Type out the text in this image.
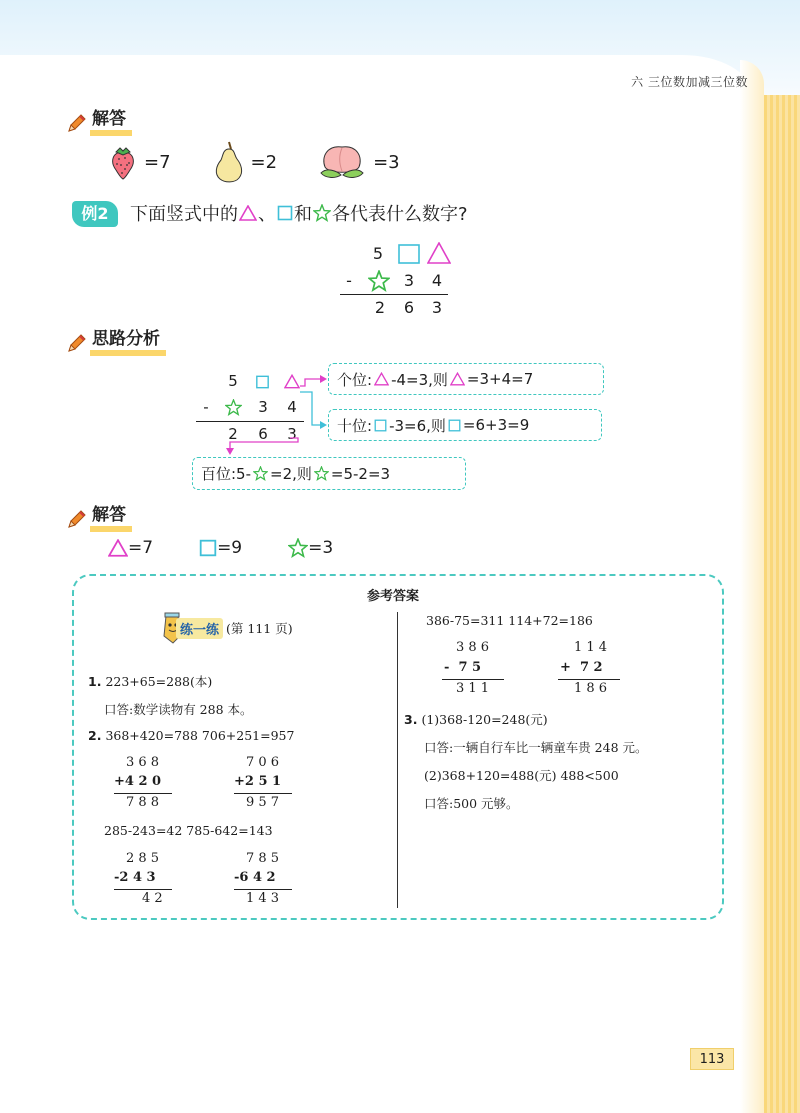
六 三位数加减三位数
解答
=7	=2	=3
例2	下面竖式中的 、 和 各代表什么数字?
5
-	3	4
2	6	3
思路分析
5
-	3	4
2	6	3
个位: -4=3,则 =3+4=7
十位: -3=6,则 =6+3=9
百位:5- =2,则 =5-2=3
解答
=7	=9	=3
参考答案
练一练 (第 111 页)
1. 223+65=288(本)
口答:数学读物有 288 本。
2. 368+420=788 706+251=957
3 6 8
+4 2 0
7 8 8
7 0 6
+2 5 1
9 5 7
285-243=42 785-642=143
2 8 5
-2 4 3
4 2
7 8 5
-6 4 2
1 4 3
386-75=311 114+72=186
3 8 6
-  7 5
3 1 1
1 1 4
+  7 2
1 8 6
3. (1)368-120=248(元)
口答:一辆自行车比一辆童车贵 248 元。
(2)368+120=488(元) 488<500
口答:500 元够。
113
